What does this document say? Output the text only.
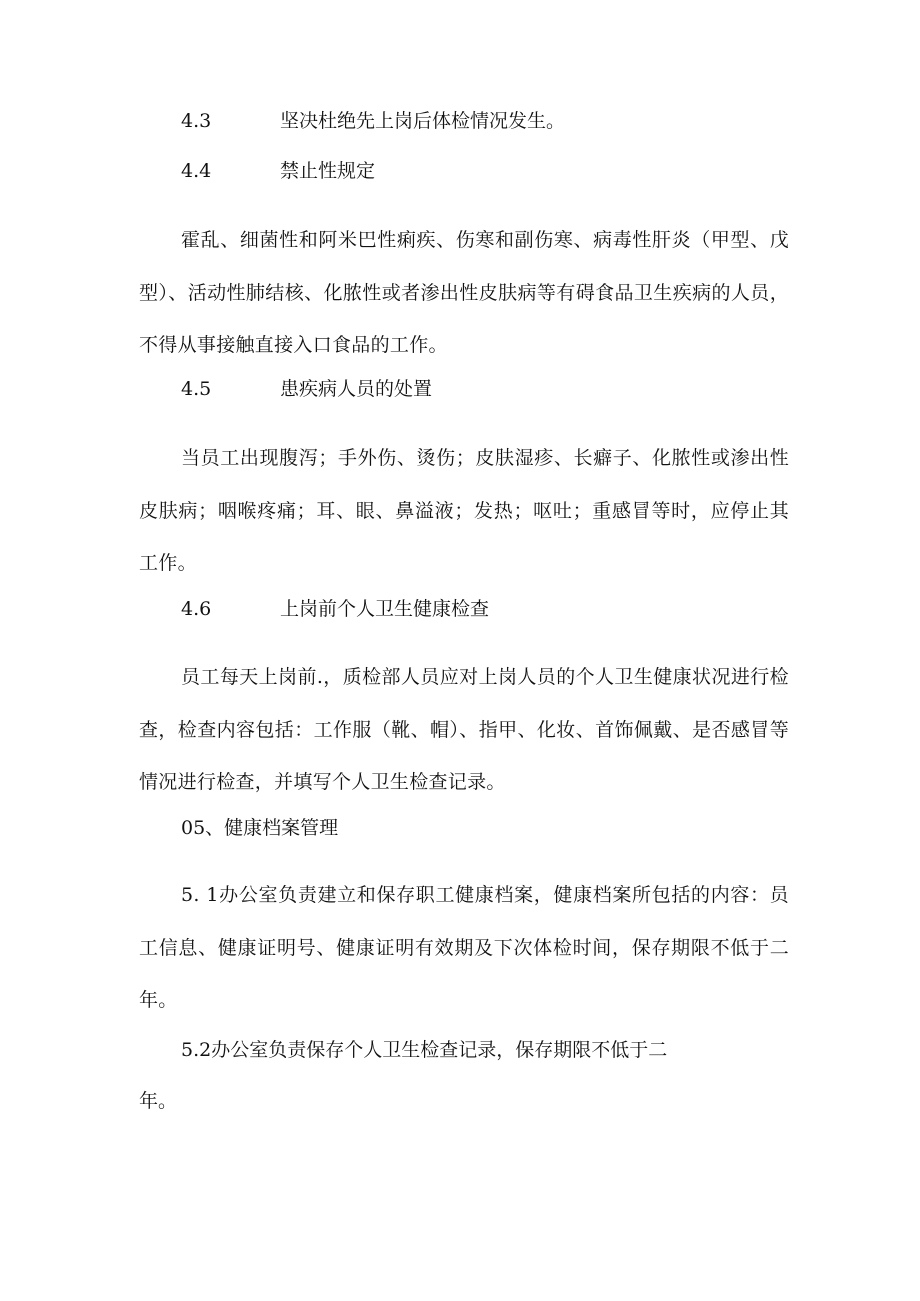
4.3	坚决杜绝先上岗后体检情况发生。
4.4	禁止性规定
霍乱、细菌性和阿米巴性痢疾、伤寒和副伤寒、病毒性肝炎（甲型、戊型）、活动性肺结核、化脓性或者渗出性皮肤病等有碍食品卫生疾病的人员，不得从事接触直接入口食品的工作。
4.5	患疾病人员的处置
当员工出现腹泻；手外伤、烫伤；皮肤湿疹、长癖子、化脓性或渗出性皮肤病；咽喉疼痛；耳、眼、鼻溢液；发热；呕吐；重感冒等时，应停止其工作。
4.6	上岗前个人卫生健康检查
员工每天上岗前.，质检部人员应对上岗人员的个人卫生健康状况进行检查，检查内容包括：工作服（靴、帽）、指甲、化妆、首饰佩戴、是否感冒等情况进行检查，并填写个人卫生检查记录。
05、健康档案管理
5. 1办公室负责建立和保存职工健康档案，健康档案所包括的内容：员工信息、健康证明号、健康证明有效期及下次体检时间，保存期限不低于二年。
5.2办公室负责保存个人卫生检查记录，保存期限不低于二
年。
